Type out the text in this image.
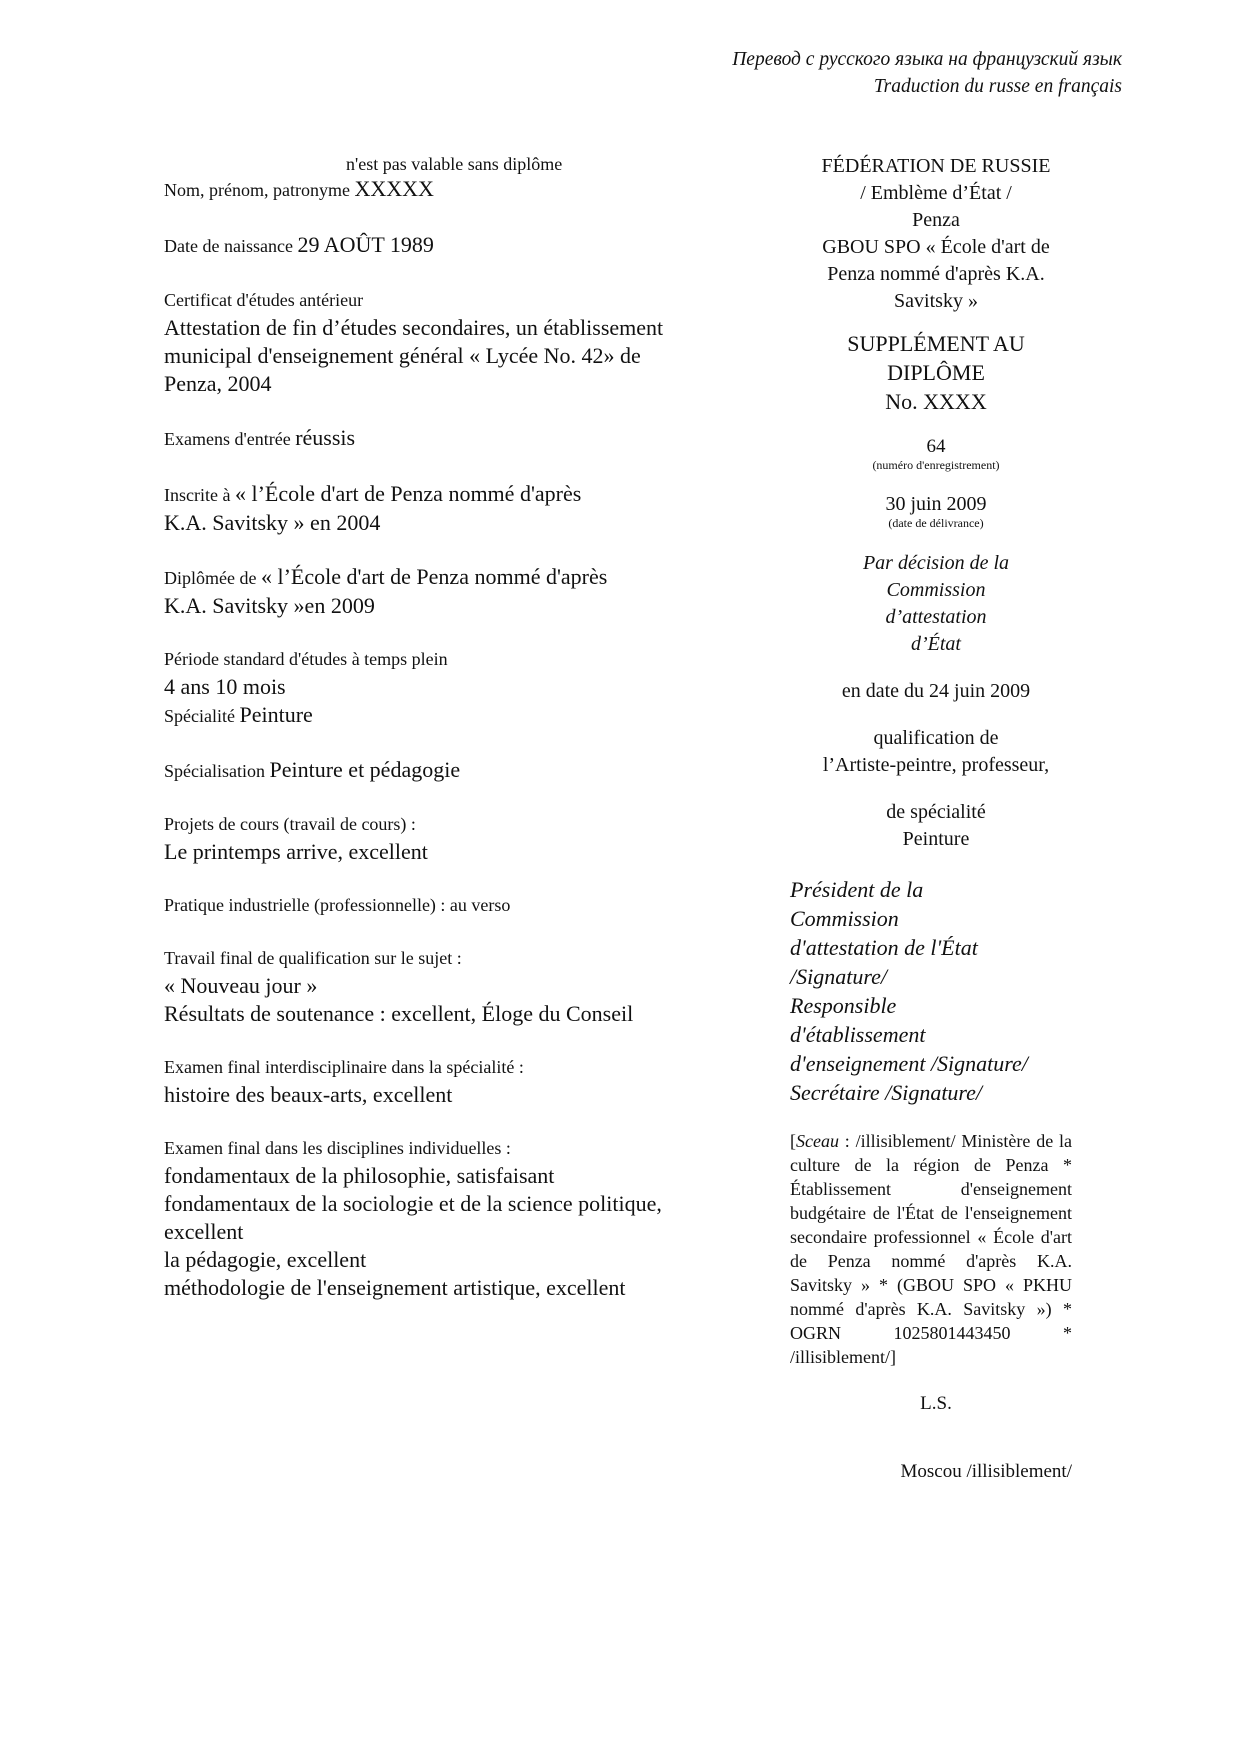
Перевод с русского языка на французский язык
Traduction du russe en français
n'est pas valable sans diplôme
Nom, prénom, patronyme XXXXX
Date de naissance 29 AOÛT 1989
Certificat d'études antérieur
Attestation de fin d’études secondaires, un établissement
municipal d'enseignement général « Lycée No. 42» de
Penza, 2004
Examens d'entrée réussis
Inscrite à « l’École d'art de Penza nommé d'après
K.A. Savitsky » en 2004
Diplômée de « l’École d'art de Penza nommé d'après
K.A. Savitsky »en 2009
Période standard d'études à temps plein
4 ans 10 mois
Spécialité Peinture
Spécialisation Peinture et pédagogie
Projets de cours (travail de cours) :
Le printemps arrive, excellent
Pratique industrielle (professionnelle) : au verso
Travail final de qualification sur le sujet :
« Nouveau jour »
Résultats de soutenance : excellent, Éloge du Conseil
Examen final interdisciplinaire dans la spécialité :
histoire des beaux-arts, excellent
Examen final dans les disciplines individuelles :
fondamentaux de la philosophie, satisfaisant
fondamentaux de la sociologie et de la science politique,
excellent
la pédagogie, excellent
méthodologie de l'enseignement artistique, excellent
FÉDÉRATION DE RUSSIE
/ Emblème d’État /
Penza
GBOU SPO « École d'art de
Penza nommé d'après K.A.
Savitsky »
SUPPLÉMENT AU
DIPLÔME
No. XXXX
64
(numéro d'enregistrement)
30 juin 2009
(date de délivrance)
Par décision de la
Commission
d’attestation
d’État
en date du 24 juin 2009
qualification de
l’Artiste-peintre, professeur,
de spécialité
Peinture
Président de la
Commission
d'attestation de l'État
/Signature/
Responsible
d'établissement
d'enseignement /Signature/
Secrétaire /Signature/
[Sceau : /illisiblement/ Ministère de la culture de la région de Penza * Établissement d'enseignement budgétaire de l'État de l'enseignement secondaire professionnel « École d'art de Penza nommé d'après K.A. Savitsky » * (GBOU SPO « PKHU nommé d'après K.A. Savitsky ») * OGRN 1025801443450 * /illisiblement/]
L.S.
Moscou /illisiblement/
